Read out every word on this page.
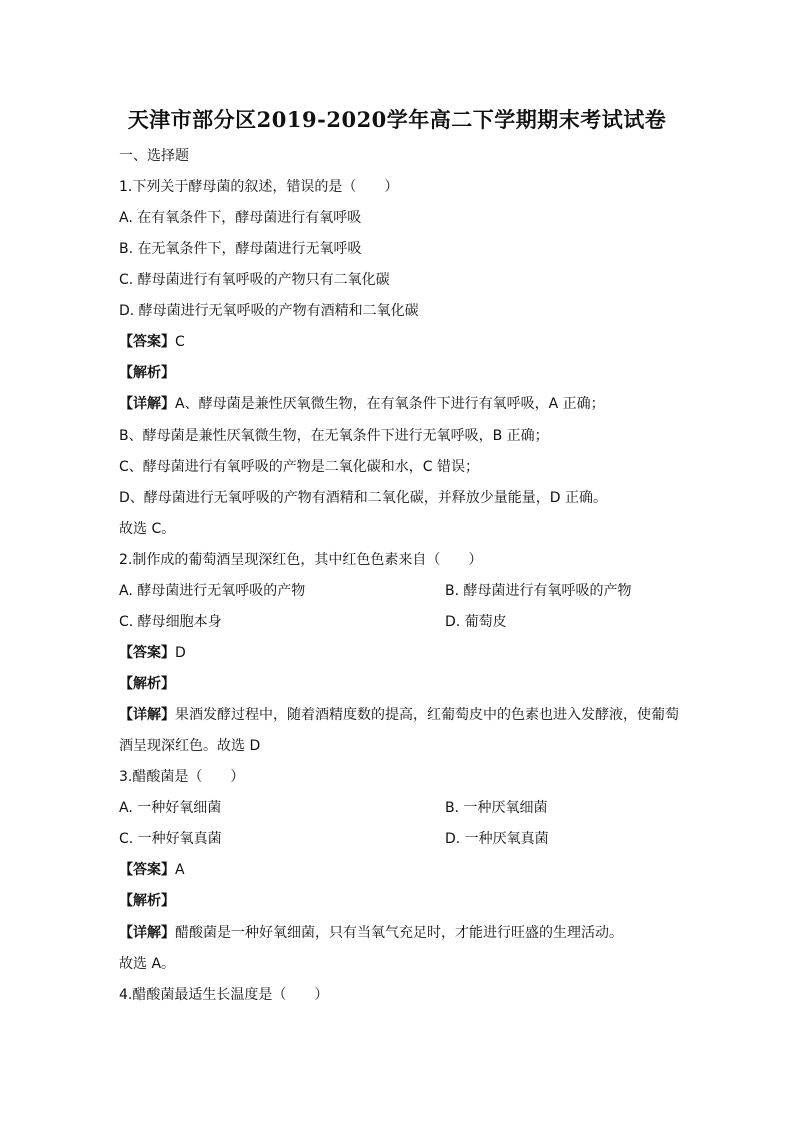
天津市部分区2019-2020学年高二下学期期末考试试卷
一、选择题
1.下列关于酵母菌的叙述，错误的是（　　）
A. 在有氧条件下，酵母菌进行有氧呼吸
B. 在无氧条件下，酵母菌进行无氧呼吸
C. 酵母菌进行有氧呼吸的产物只有二氧化碳
D. 酵母菌进行无氧呼吸的产物有酒精和二氧化碳
【答案】C
【解析】
【详解】A、酵母菌是兼性厌氧微生物，在有氧条件下进行有氧呼吸，A 正确；
B、酵母菌是兼性厌氧微生物，在无氧条件下进行无氧呼吸，B 正确；
C、酵母菌进行有氧呼吸的产物是二氧化碳和水，C 错误；
D、酵母菌进行无氧呼吸的产物有酒精和二氧化碳，并释放少量能量，D 正确。
故选 C。
2.制作成的葡萄酒呈现深红色，其中红色色素来自（　　）
A. 酵母菌进行无氧呼吸的产物	B. 酵母菌进行有氧呼吸的产物
C. 酵母细胞本身	D. 葡萄皮
【答案】D
【解析】
【详解】果酒发酵过程中，随着酒精度数的提高，红葡萄皮中的色素也进入发酵液，使葡萄
酒呈现深红色。故选 D
3.醋酸菌是（　　）
A. 一种好氧细菌	B. 一种厌氧细菌
C. 一种好氧真菌	D. 一种厌氧真菌
【答案】A
【解析】
【详解】醋酸菌是一种好氧细菌，只有当氧气充足时，才能进行旺盛的生理活动。
故选 A。
4.醋酸菌最适生长温度是（　　）
